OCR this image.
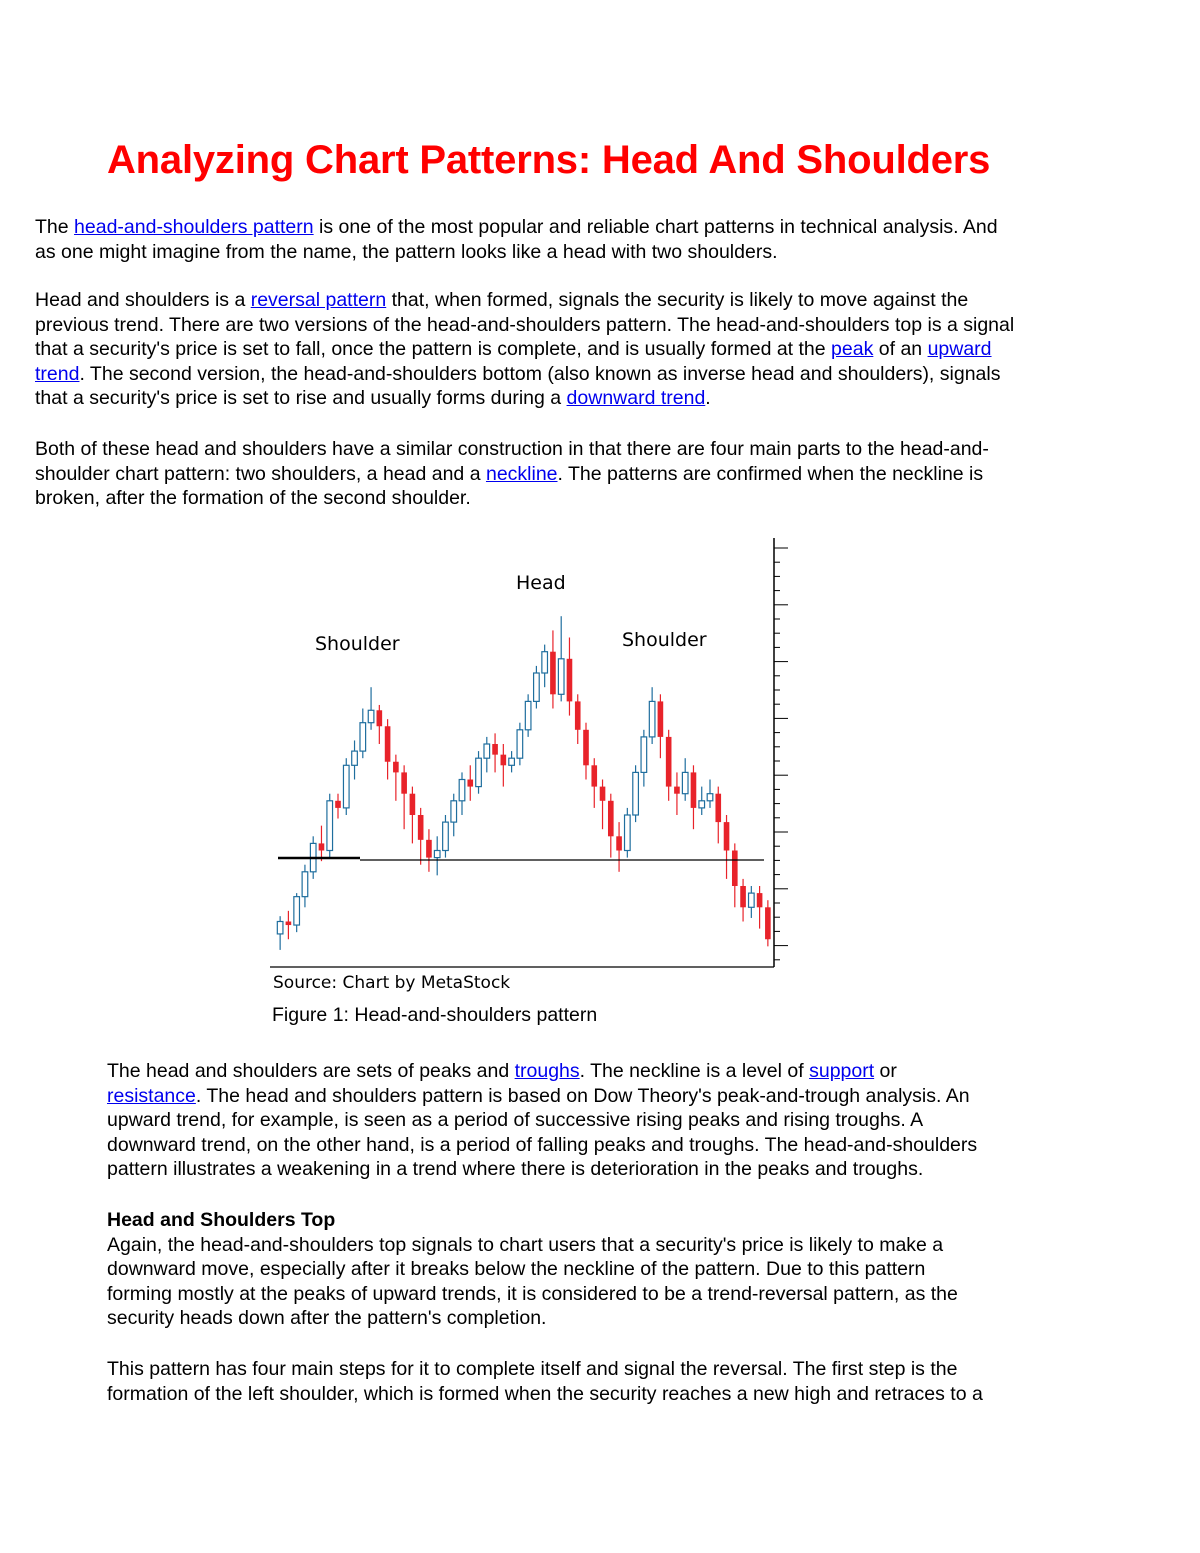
Analyzing Chart Patterns: Head And Shoulders

The head-and-shoulders pattern is one of the most popular and reliable chart patterns in technical analysis. And
as one might imagine from the name, the pattern looks like a head with two shoulders.

Head and shoulders is a reversal pattern that, when formed, signals the security is likely to move against the
previous trend. There are two versions of the head-and-shoulders pattern. The head-and-shoulders top is a signal
that a security's price is set to fall, once the pattern is complete, and is usually formed at the peak of an upward
trend. The second version, the head-and-shoulders bottom (also known as inverse head and shoulders), signals
that a security's price is set to rise and usually forms during a downward trend.

Both of these head and shoulders have a similar construction in that there are four main parts to the head-and-
shoulder chart pattern: two shoulders, a head and a neckline. The patterns are confirmed when the neckline is
broken, after the formation of the second shoulder.

Shoulder
Head
Shoulder
Source: Chart by MetaStock

Figure 1: Head-and-shoulders pattern

The head and shoulders are sets of peaks and troughs. The neckline is a level of support or
resistance. The head and shoulders pattern is based on Dow Theory's peak-and-trough analysis. An
upward trend, for example, is seen as a period of successive rising peaks and rising troughs. A
downward trend, on the other hand, is a period of falling peaks and troughs. The head-and-shoulders
pattern illustrates a weakening in a trend where there is deterioration in the peaks and troughs.

Head and Shoulders Top
Again, the head-and-shoulders top signals to chart users that a security's price is likely to make a
downward move, especially after it breaks below the neckline of the pattern. Due to this pattern
forming mostly at the peaks of upward trends, it is considered to be a trend-reversal pattern, as the
security heads down after the pattern's completion.

This pattern has four main steps for it to complete itself and signal the reversal. The first step is the
formation of the left shoulder, which is formed when the security reaches a new high and retraces to a
